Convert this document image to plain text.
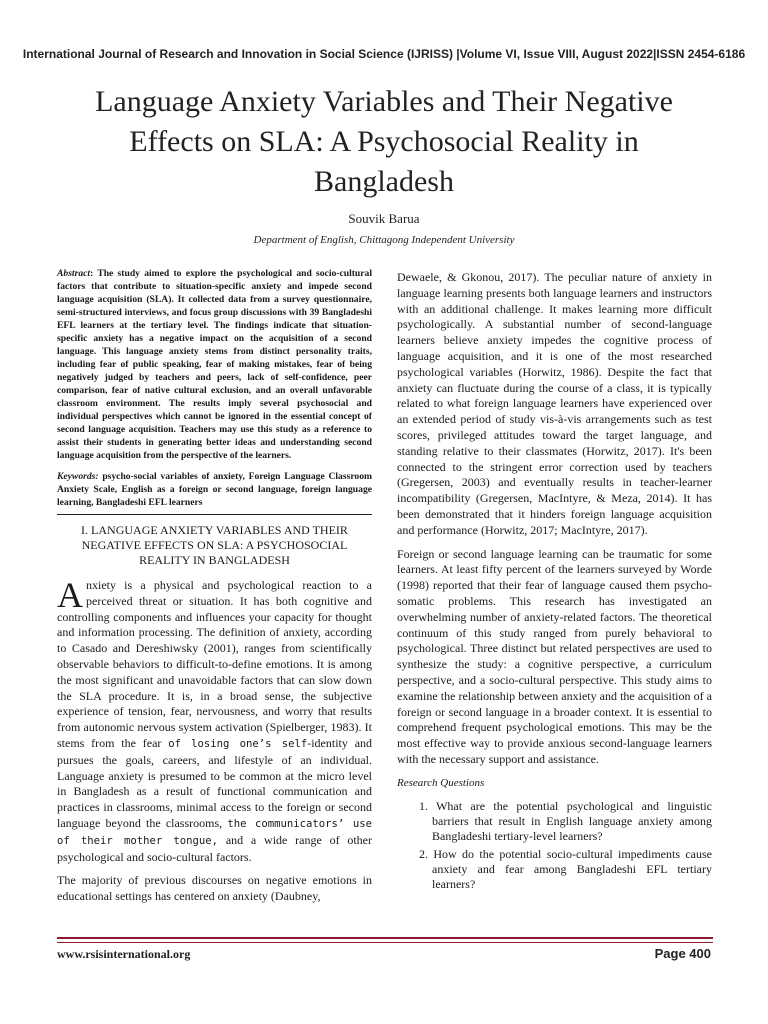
International Journal of Research and Innovation in Social Science (IJRISS) |Volume VI, Issue VIII, August 2022|ISSN 2454-6186
Language Anxiety Variables and Their Negative Effects on SLA: A Psychosocial Reality in Bangladesh
Souvik Barua
Department of English, Chittagong Independent University

Abstract: The study aimed to explore the psychological and socio-cultural factors that contribute to situation-specific anxiety and impede second language acquisition (SLA). It collected data from a survey questionnaire, semi-structured interviews, and focus group discussions with 39 Bangladeshi EFL learners at the tertiary level. The findings indicate that situation-specific anxiety has a negative impact on the acquisition of a second language. This language anxiety stems from distinct personality traits, including fear of public speaking, fear of making mistakes, fear of being negatively judged by teachers and peers, lack of self-confidence, peer comparison, fear of native cultural exclusion, and an overall unfavorable classroom environment. The results imply several psychosocial and individual perspectives which cannot be ignored in the essential concept of second language acquisition. Teachers may use this study as a reference to assist their students in generating better ideas and understanding second language acquisition from the perspective of the learners.

Keywords: psycho-social variables of anxiety, Foreign Language Classroom Anxiety Scale, English as a foreign or second language, foreign language learning, Bangladeshi EFL learners

I. LANGUAGE ANXIETY VARIABLES AND THEIR NEGATIVE EFFECTS ON SLA: A PSYCHOSOCIAL REALITY IN BANGLADESH

Anxiety is a physical and psychological reaction to a perceived threat or situation. It has both cognitive and controlling components and influences your capacity for thought and information processing. The definition of anxiety, according to Casado and Dereshiwsky (2001), ranges from scientifically observable behaviors to difficult-to-define emotions. It is among the most significant and unavoidable factors that can slow down the SLA procedure. It is, in a broad sense, the subjective experience of tension, fear, nervousness, and worry that results from autonomic nervous system activation (Spielberger, 1983). It stems from the fear of losing one’s self-identity and pursues the goals, careers, and lifestyle of an individual. Language anxiety is presumed to be common at the micro level in Bangladesh as a result of functional communication and practices in classrooms, minimal access to the foreign or second language beyond the classrooms, the communicators’ use of their mother tongue, and a wide range of other psychological and socio-cultural factors.

The majority of previous discourses on negative emotions in educational settings has centered on anxiety (Daubney,

Dewaele, & Gkonou, 2017). The peculiar nature of anxiety in language learning presents both language learners and instructors with an additional challenge. It makes learning more difficult psychologically. A substantial number of second-language learners believe anxiety impedes the cognitive process of language acquisition, and it is one of the most researched psychological variables (Horwitz, 1986). Despite the fact that anxiety can fluctuate during the course of a class, it is typically related to what foreign language learners have experienced over an extended period of study vis-à-vis arrangements such as test scores, privileged attitudes toward the target language, and standing relative to their classmates (Horwitz, 2017). It's been connected to the stringent error correction used by teachers (Gregersen, 2003) and eventually results in teacher-learner incompatibility (Gregersen, MacIntyre, & Meza, 2014). It has been demonstrated that it hinders foreign language acquisition and performance (Horwitz, 2017; MacIntyre, 2017).

Foreign or second language learning can be traumatic for some learners. At least fifty percent of the learners surveyed by Worde (1998) reported that their fear of language caused them psycho-somatic problems. This research has investigated an overwhelming number of anxiety-related factors. The theoretical continuum of this study ranged from purely behavioral to psychological. Three distinct but related perspectives are used to synthesize the study: a cognitive perspective, a curriculum perspective, and a socio-cultural perspective. This study aims to examine the relationship between anxiety and the acquisition of a foreign or second language in a broader context. It is essential to comprehend frequent psychological emotions. This may be the most effective way to provide anxious second-language learners with the necessary support and assistance.

Research Questions
1. What are the potential psychological and linguistic barriers that result in English language anxiety among Bangladeshi tertiary-level learners?
2. How do the potential socio-cultural impediments cause anxiety and fear among Bangladeshi EFL tertiary learners?
www.rsisinternational.org	Page 400
